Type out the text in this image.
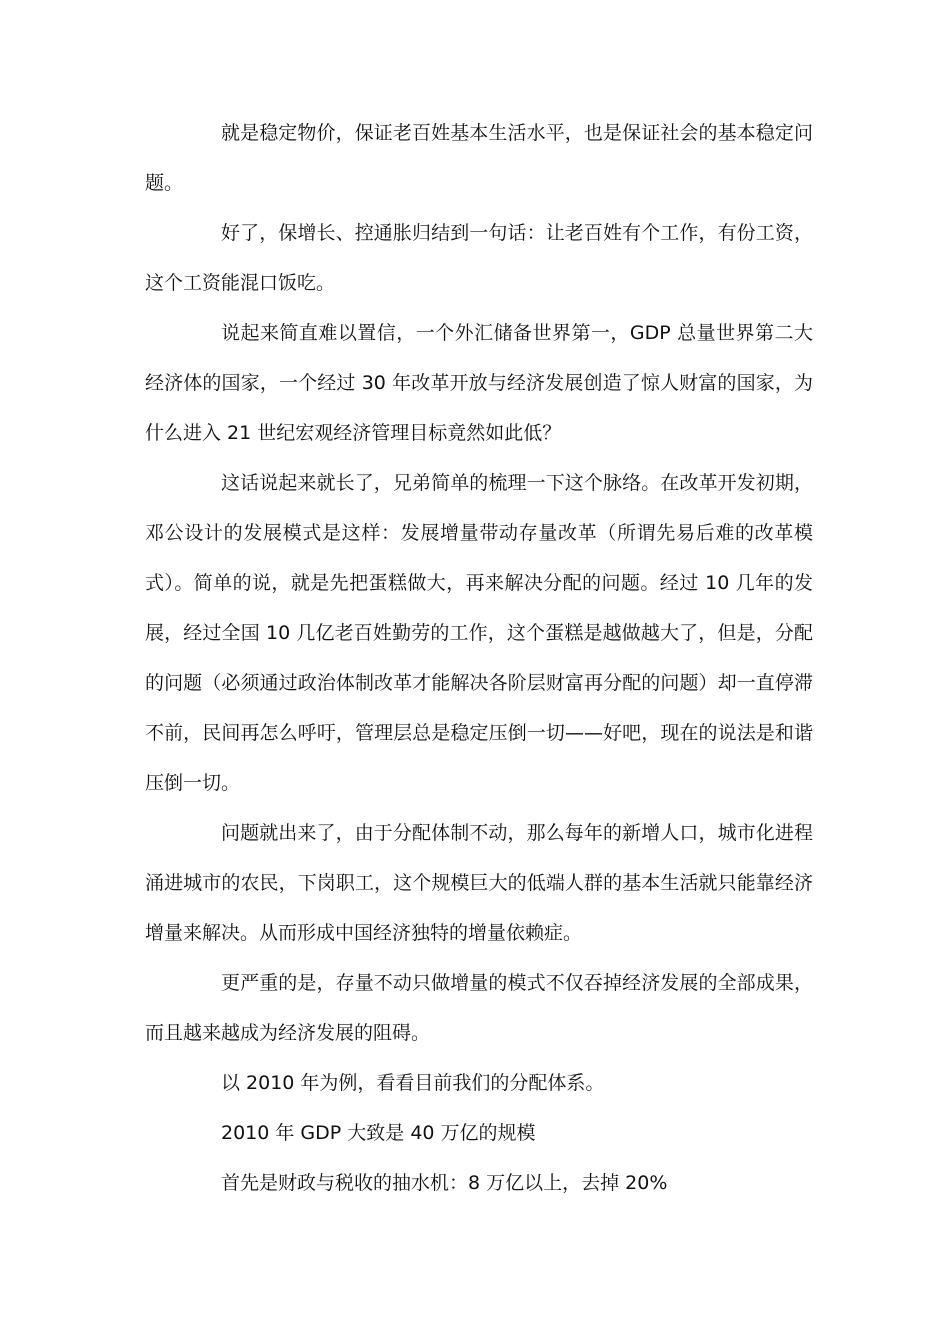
就是稳定物价，保证老百姓基本生活水平，也是保证社会的基本稳定问题。

好了，保增长、控通胀归结到一句话：让老百姓有个工作，有份工资，这个工资能混口饭吃。

说起来简直难以置信，一个外汇储备世界第一，GDP 总量世界第二大经济体的国家，一个经过 30 年改革开放与经济发展创造了惊人财富的国家，为什么进入 21 世纪宏观经济管理目标竟然如此低？

这话说起来就长了，兄弟简单的梳理一下这个脉络。在改革开发初期，邓公设计的发展模式是这样：发展增量带动存量改革（所谓先易后难的改革模式）。简单的说，就是先把蛋糕做大，再来解决分配的问题。经过 10 几年的发展，经过全国 10 几亿老百姓勤劳的工作，这个蛋糕是越做越大了，但是，分配的问题（必须通过政治体制改革才能解决各阶层财富再分配的问题）却一直停滞不前，民间再怎么呼吁，管理层总是稳定压倒一切——好吧，现在的说法是和谐压倒一切。

问题就出来了，由于分配体制不动，那么每年的新增人口，城市化进程涌进城市的农民，下岗职工，这个规模巨大的低端人群的基本生活就只能靠经济增量来解决。从而形成中国经济独特的增量依赖症。

更严重的是，存量不动只做增量的模式不仅吞掉经济发展的全部成果，而且越来越成为经济发展的阻碍。

以 2010 年为例，看看目前我们的分配体系。

2010 年 GDP 大致是 40 万亿的规模

首先是财政与税收的抽水机：8 万亿以上，去掉 20%
